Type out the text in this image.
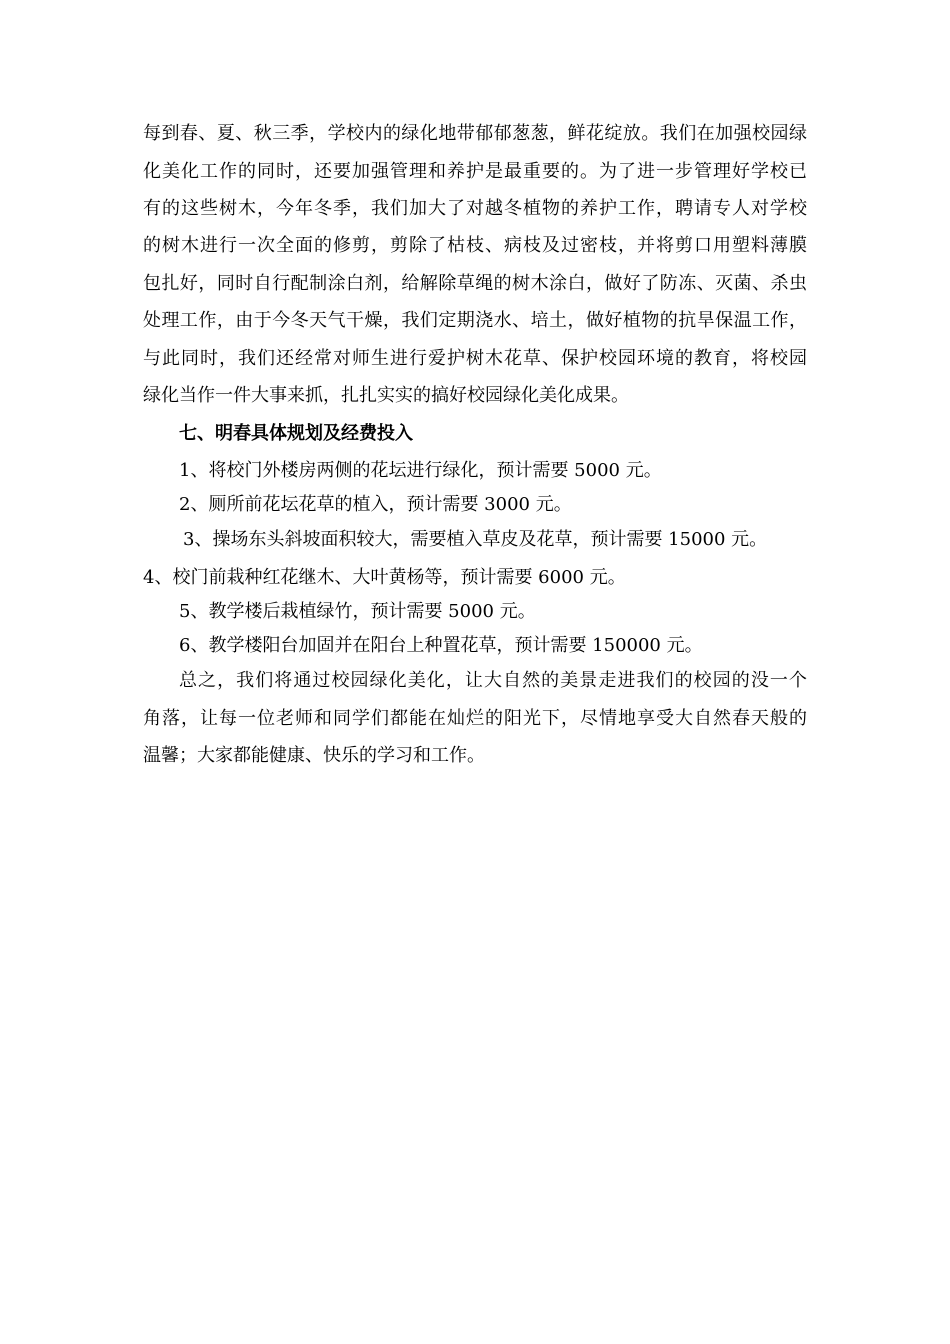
每到春、夏、秋三季，学校内的绿化地带郁郁葱葱，鲜花绽放。我们在加强校园绿
化美化工作的同时，还要加强管理和养护是最重要的。为了进一步管理好学校已
有的这些树木，今年冬季，我们加大了对越冬植物的养护工作，聘请专人对学校
的树木进行一次全面的修剪，剪除了枯枝、病枝及过密枝，并将剪口用塑料薄膜
包扎好，同时自行配制涂白剂，给解除草绳的树木涂白，做好了防冻、灭菌、杀虫
处理工作，由于今冬天气干燥，我们定期浇水、培土，做好植物的抗旱保温工作，
与此同时，我们还经常对师生进行爱护树木花草、保护校园环境的教育，将校园
绿化当作一件大事来抓，扎扎实实的搞好校园绿化美化成果。
七、明春具体规划及经费投入
1、将校门外楼房两侧的花坛进行绿化，预计需要 5000 元。
2、厕所前花坛花草的植入，预计需要 3000 元。
3、操场东头斜坡面积较大，需要植入草皮及花草，预计需要 15000 元。
4、校门前栽种红花继木、大叶黄杨等，预计需要 6000 元。
5、教学楼后栽植绿竹，预计需要 5000 元。
6、教学楼阳台加固并在阳台上种置花草，预计需要 150000 元。
总之，我们将通过校园绿化美化，让大自然的美景走进我们的校园的没一个
角落，让每一位老师和同学们都能在灿烂的阳光下，尽情地享受大自然春天般的
温馨；大家都能健康、快乐的学习和工作。
